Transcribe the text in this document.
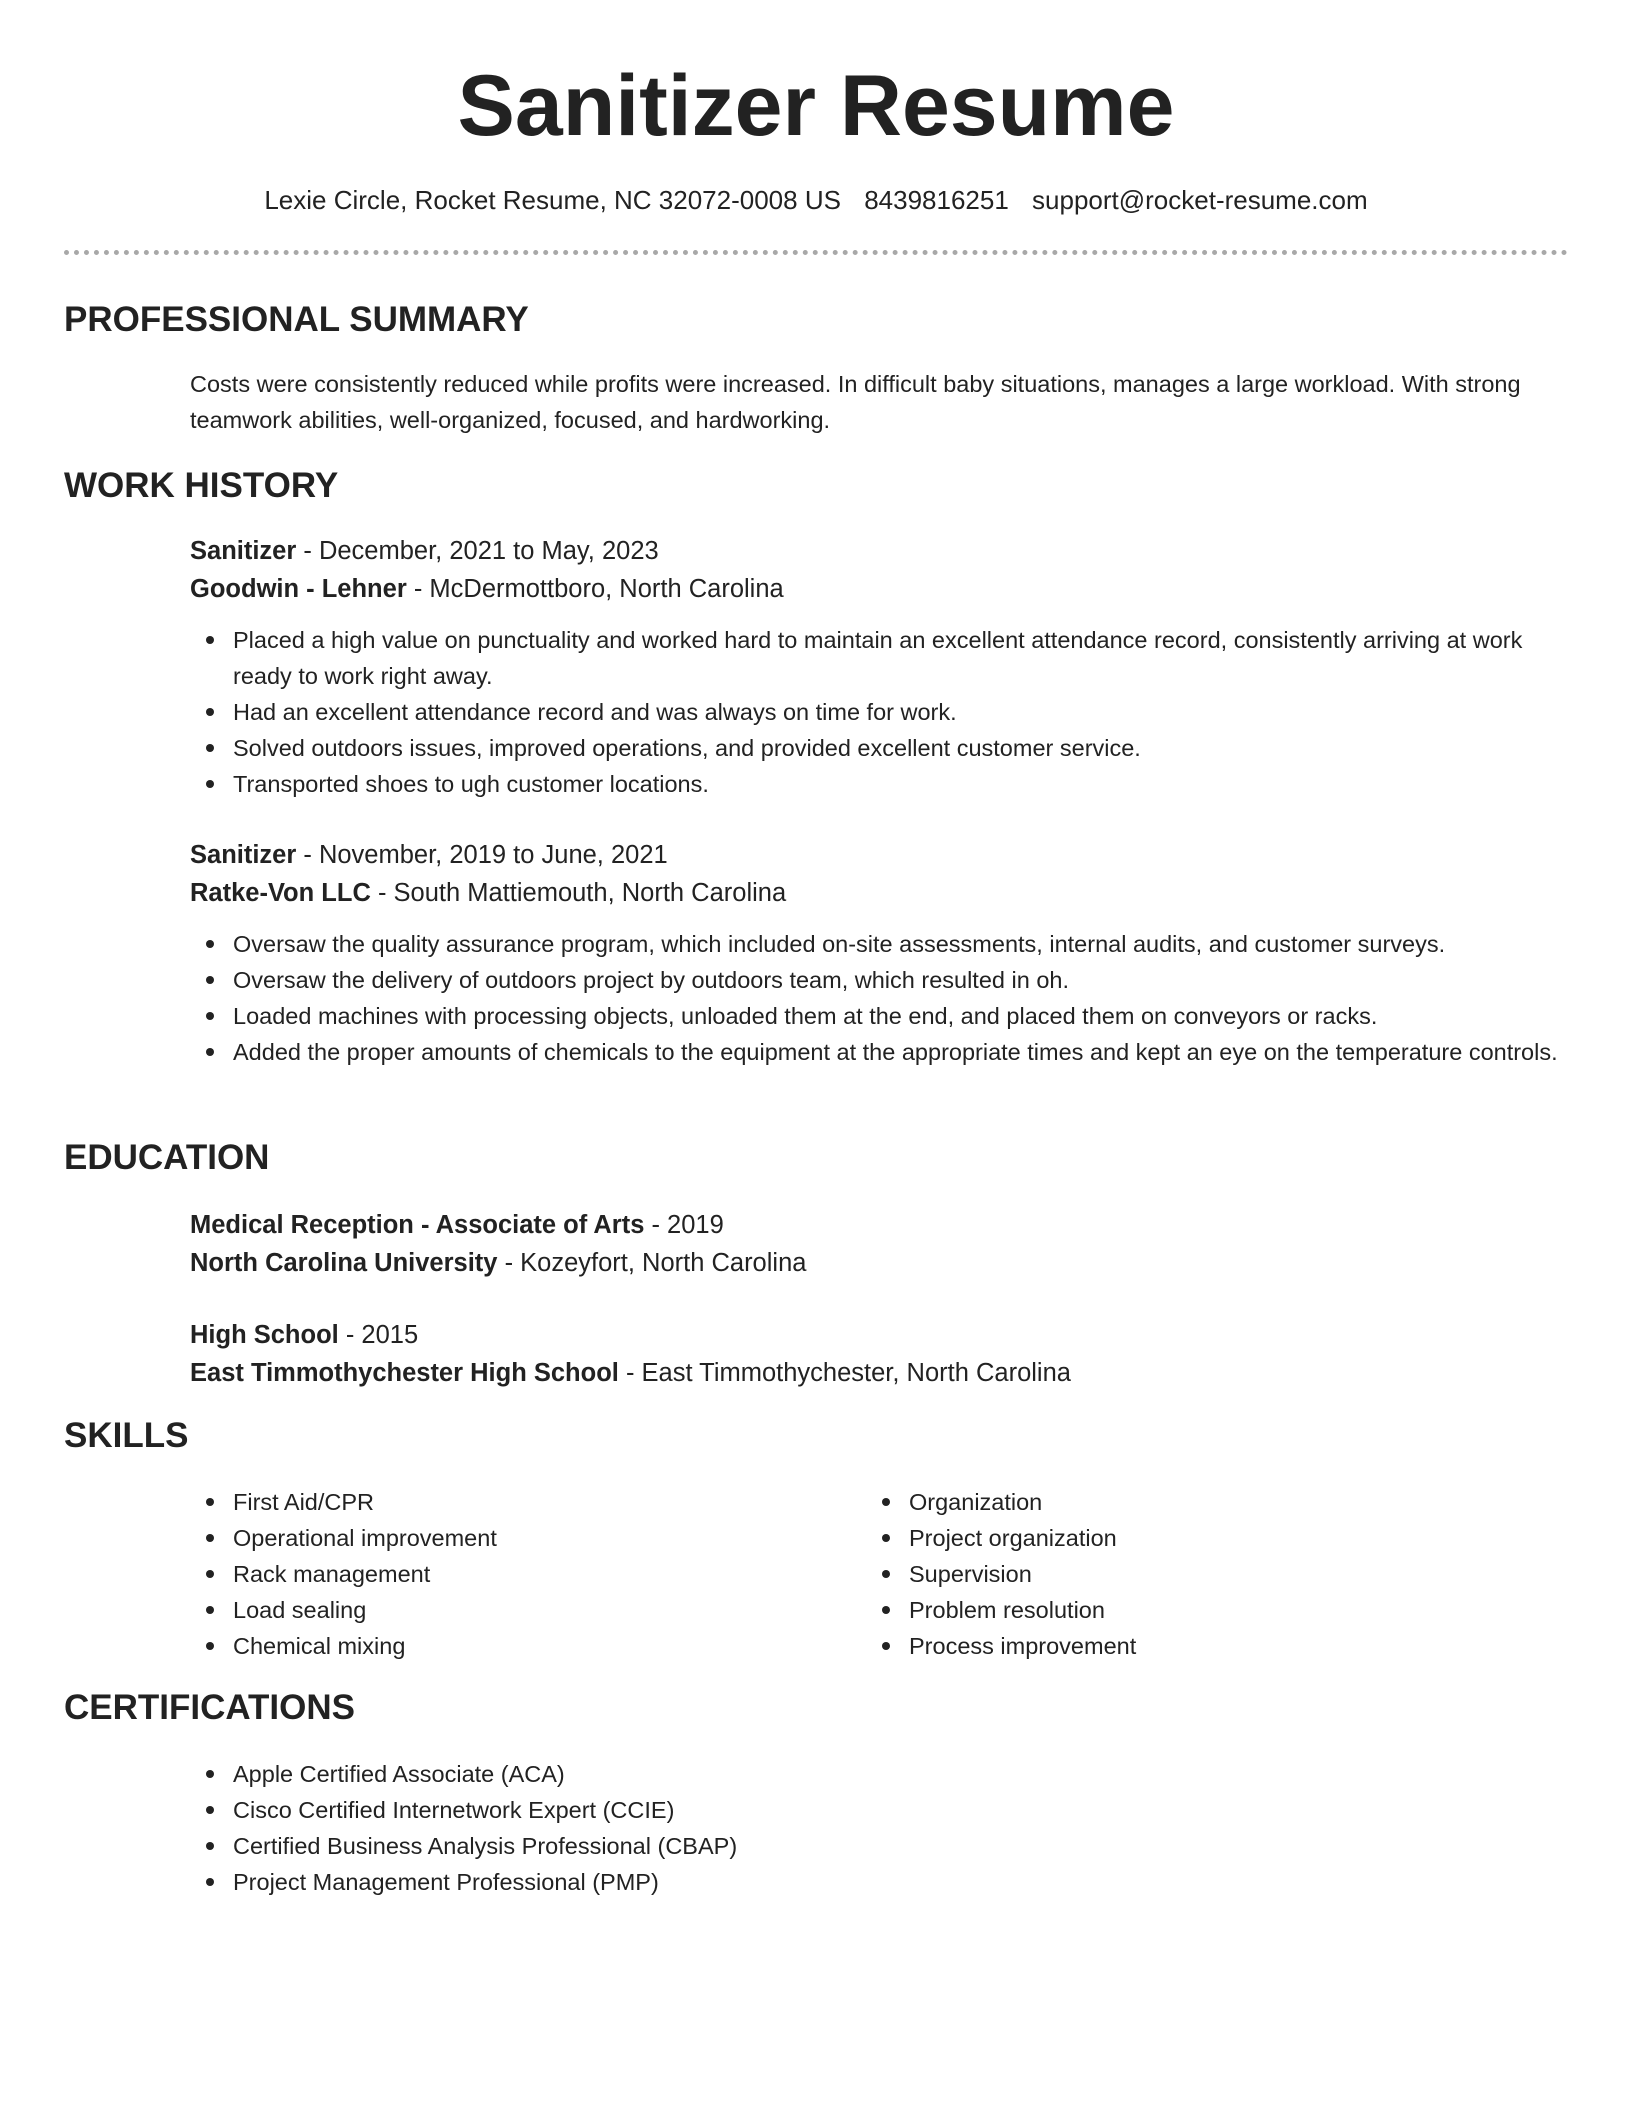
Sanitizer Resume
Lexie Circle, Rocket Resume, NC 32072-0008 US 8439816251 support@rocket-resume.com
PROFESSIONAL SUMMARY
Costs were consistently reduced while profits were increased. In difficult baby situations, manages a large workload. With strong teamwork abilities, well-organized, focused, and hardworking.
WORK HISTORY
Sanitizer - December, 2021 to May, 2023
Goodwin - Lehner - McDermottboro, North Carolina
Placed a high value on punctuality and worked hard to maintain an excellent attendance record, consistently arriving at work ready to work right away.
Had an excellent attendance record and was always on time for work.
Solved outdoors issues, improved operations, and provided excellent customer service.
Transported shoes to ugh customer locations.
Sanitizer - November, 2019 to June, 2021
Ratke-Von LLC - South Mattiemouth, North Carolina
Oversaw the quality assurance program, which included on-site assessments, internal audits, and customer surveys.
Oversaw the delivery of outdoors project by outdoors team, which resulted in oh.
Loaded machines with processing objects, unloaded them at the end, and placed them on conveyors or racks.
Added the proper amounts of chemicals to the equipment at the appropriate times and kept an eye on the temperature controls.
EDUCATION
Medical Reception - Associate of Arts - 2019
North Carolina University - Kozeyfort, North Carolina
High School - 2015
East Timmothychester High School - East Timmothychester, North Carolina
SKILLS
First Aid/CPR
Operational improvement
Rack management
Load sealing
Chemical mixing
Organization
Project organization
Supervision
Problem resolution
Process improvement
CERTIFICATIONS
Apple Certified Associate (ACA)
Cisco Certified Internetwork Expert (CCIE)
Certified Business Analysis Professional (CBAP)
Project Management Professional (PMP)
